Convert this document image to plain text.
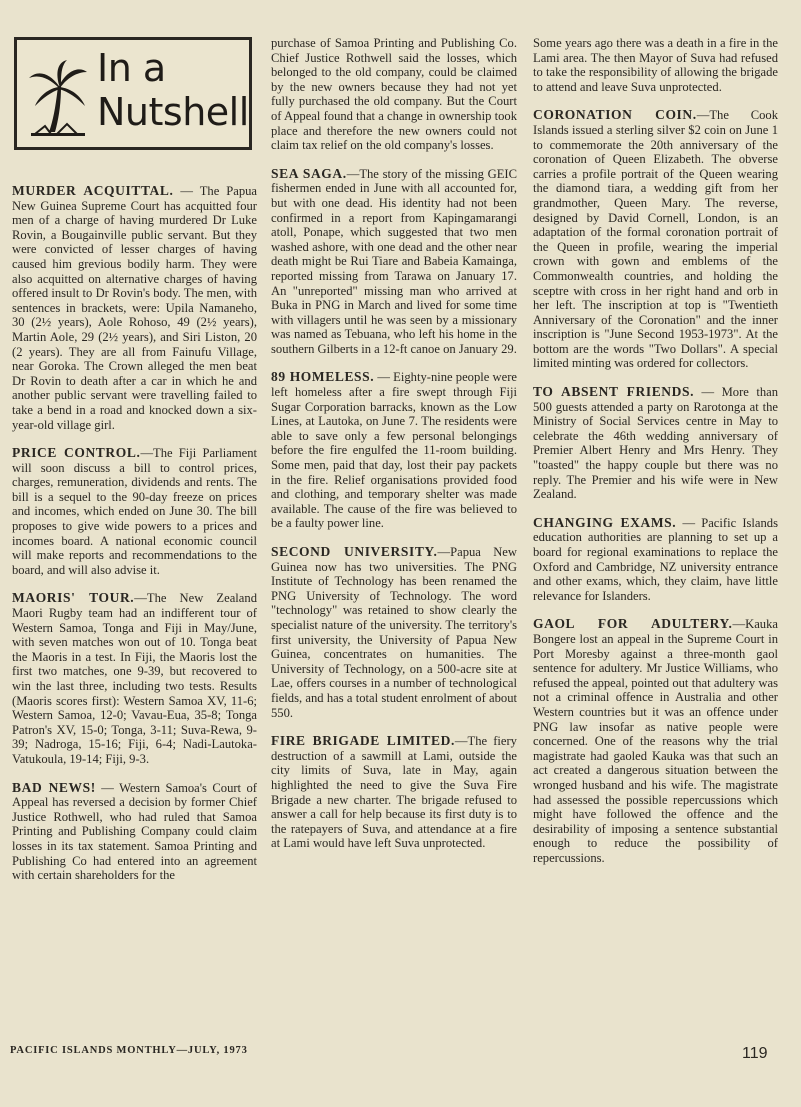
In a
Nutshell

MURDER ACQUITTAL. — The Papua New Guinea Supreme Court has acquitted four men of a charge of having murdered Dr Luke Rovin, a Bougainville public servant. But they were convicted of lesser charges of having caused him grevious bodily harm. They were also acquitted on alternative charges of having offered insult to Dr Rovin's body. The men, with sentences in brackets, were: Upila Namaneho, 30 (2½ years), Aole Rohoso, 49 (2½ years), Martin Aole, 29 (2½ years), and Siri Liston, 20 (2 years). They are all from Fainufu Village, near Goroka. The Crown alleged the men beat Dr Rovin to death after a car in which he and another public servant were travelling failed to take a bend in a road and knocked down a six-year-old village girl.

PRICE CONTROL.—The Fiji Parliament will soon discuss a bill to control prices, charges, remuneration, dividends and rents. The bill is a sequel to the 90-day freeze on prices and incomes, which ended on June 30. The bill proposes to give wide powers to a prices and incomes board. A national economic council will make reports and recommendations to the board, and will also advise it.

MAORIS' TOUR.—The New Zealand Maori Rugby team had an indifferent tour of Western Samoa, Tonga and Fiji in May/June, with seven matches won out of 10. Tonga beat the Maoris in a test. In Fiji, the Maoris lost the first two matches, one 9-39, but recovered to win the last three, including two tests. Results (Maoris scores first): Western Samoa XV, 11-6; Western Samoa, 12-0; Vavau-Eua, 35-8; Tonga Patron's XV, 15-0; Tonga, 3-11; Suva-Rewa, 9-39; Nadroga, 15-16; Fiji, 6-4; Nadi-Lautoka-Vatukoula, 19-14; Fiji, 9-3.

BAD NEWS! — Western Samoa's Court of Appeal has reversed a decision by former Chief Justice Rothwell, who had ruled that Samoa Printing and Publishing Company could claim losses in its tax statement. Samoa Printing and Publishing Co had entered into an agreement with certain shareholders for the

purchase of Samoa Printing and Publishing Co. Chief Justice Rothwell said the losses, which belonged to the old company, could be claimed by the new owners because they had not yet fully purchased the old company. But the Court of Appeal found that a change in ownership took place and therefore the new owners could not claim tax relief on the old company's losses.

SEA SAGA.—The story of the missing GEIC fishermen ended in June with all accounted for, but with one dead. His identity had not been confirmed in a report from Kapingamarangi atoll, Ponape, which suggested that two men washed ashore, with one dead and the other near death might be Rui Tiare and Babeia Kamainga, reported missing from Tarawa on January 17. An "unreported" missing man who arrived at Buka in PNG in March and lived for some time with villagers until he was seen by a missionary was named as Tebuana, who left his home in the southern Gilberts in a 12-ft canoe on January 29.

89 HOMELESS. — Eighty-nine people were left homeless after a fire swept through Fiji Sugar Corporation barracks, known as the Low Lines, at Lautoka, on June 7. The residents were able to save only a few personal belongings before the fire engulfed the 11-room building. Some men, paid that day, lost their pay packets in the fire. Relief organisations provided food and clothing, and temporary shelter was made available. The cause of the fire was believed to be a faulty power line.

SECOND UNIVERSITY.—Papua New Guinea now has two universities. The PNG Institute of Technology has been renamed the PNG University of Technology. The word "technology" was retained to show clearly the specialist nature of the university. The territory's first university, the University of Papua New Guinea, concentrates on humanities. The University of Technology, on a 500-acre site at Lae, offers courses in a number of technological fields, and has a total student enrolment of about 550.

FIRE BRIGADE LIMITED.—The fiery destruction of a sawmill at Lami, outside the city limits of Suva, late in May, again highlighted the need to give the Suva Fire Brigade a new charter. The brigade refused to answer a call for help because its first duty is to the ratepayers of Suva, and attendance at a fire at Lami would have left Suva unprotected.

Some years ago there was a death in a fire in the Lami area. The then Mayor of Suva had refused to take the responsibility of allowing the brigade to attend and leave Suva unprotected.

CORONATION COIN.—The Cook Islands issued a sterling silver $2 coin on June 1 to commemorate the 20th anniversary of the coronation of Queen Elizabeth. The obverse carries a profile portrait of the Queen wearing the diamond tiara, a wedding gift from her grandmother, Queen Mary. The reverse, designed by David Cornell, London, is an adaptation of the formal coronation portrait of the Queen in profile, wearing the imperial crown with gown and emblems of the Commonwealth countries, and holding the sceptre with cross in her right hand and orb in her left. The inscription at top is "Twentieth Anniversary of the Coronation" and the inner inscription is "June Second 1953-1973". At the bottom are the words "Two Dollars". A special limited minting was ordered for collectors.

TO ABSENT FRIENDS. — More than 500 guests attended a party on Rarotonga at the Ministry of Social Services centre in May to celebrate the 46th wedding anniversary of Premier Albert Henry and Mrs Henry. They "toasted" the happy couple but there was no reply. The Premier and his wife were in New Zealand.

CHANGING EXAMS. — Pacific Islands education authorities are planning to set up a board for regional examinations to replace the Oxford and Cambridge, NZ university entrance and other exams, which, they claim, have little relevance for Islanders.

GAOL FOR ADULTERY.—Kauka Bongere lost an appeal in the Supreme Court in Port Moresby against a three-month gaol sentence for adultery. Mr Justice Williams, who refused the appeal, pointed out that adultery was not a criminal offence in Australia and other Western countries but it was an offence under PNG law insofar as native people were concerned. One of the reasons why the trial magistrate had gaoled Kauka was that such an act created a dangerous situation between the wronged husband and his wife. The magistrate had assessed the possible repercussions which might have followed the offence and the desirability of imposing a sentence substantial enough to reduce the possibility of repercussions.

PACIFIC ISLANDS MONTHLY—JULY, 1973	119
